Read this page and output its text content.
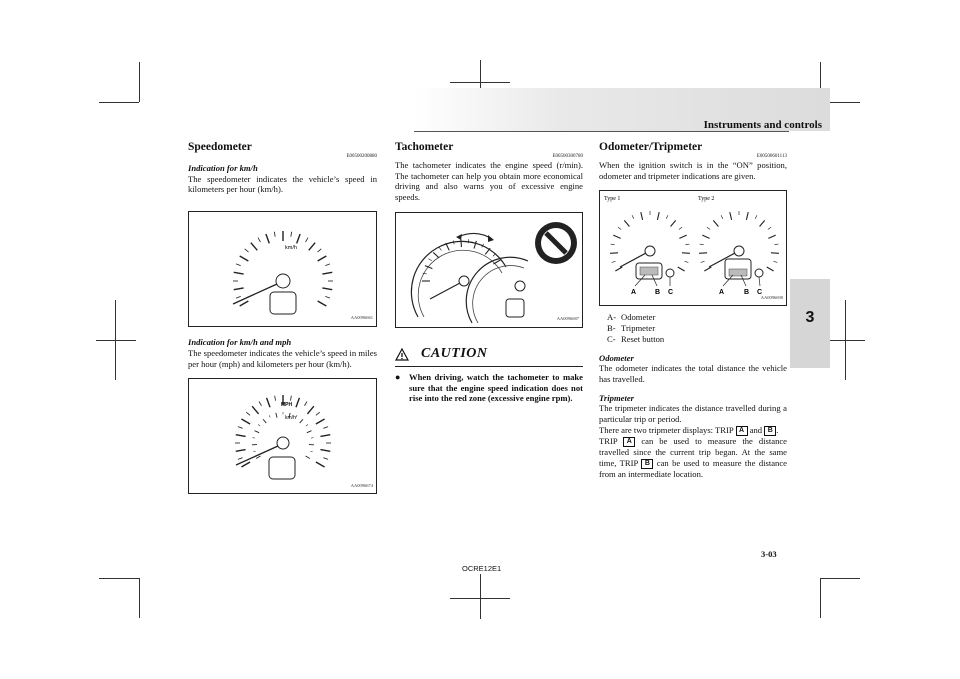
Instruments and controls
3
Speedometer
E00500200880
Indication for km/h

The speedometer indicates the vehicle’s speed in kilometers per hour (km/h).

km/h
AA0096661
Indication for km/h and mph

The speedometer indicates the vehicle’s speed in miles per hour (mph) and kilometers per hour (km/h).

MPH
km/h
AA0096674
Tachometer
E00500300780

The tachometer indicates the engine speed (r/min). The tachometer can help you obtain more economical driving and also warns you of excessive engine speeds.

AA0096687
CAUTION
● When driving, watch the tachometer to make sure that the engine speed indication does not rise into the red zone (excessive engine rpm).

Odometer/Tripmeter
E00500601113

When the ignition switch is in the “ON” position, odometer and tripmeter indications are given.

Type 1	Type 2
A	B C	A	B C
AA0096690
A- Odometer
B- Tripmeter
C- Reset button
Odometer

The odometer indicates the total distance the vehicle has travelled.

Tripmeter

The tripmeter indicates the distance travelled during a particular trip or period.

There are two tripmeter displays: TRIP A and B .

TRIP A can be used to measure the distance travelled since the current trip began. At the same time, TRIP B can be used to measure the distance from an intermediate location.

OCRE12E1
3-03
